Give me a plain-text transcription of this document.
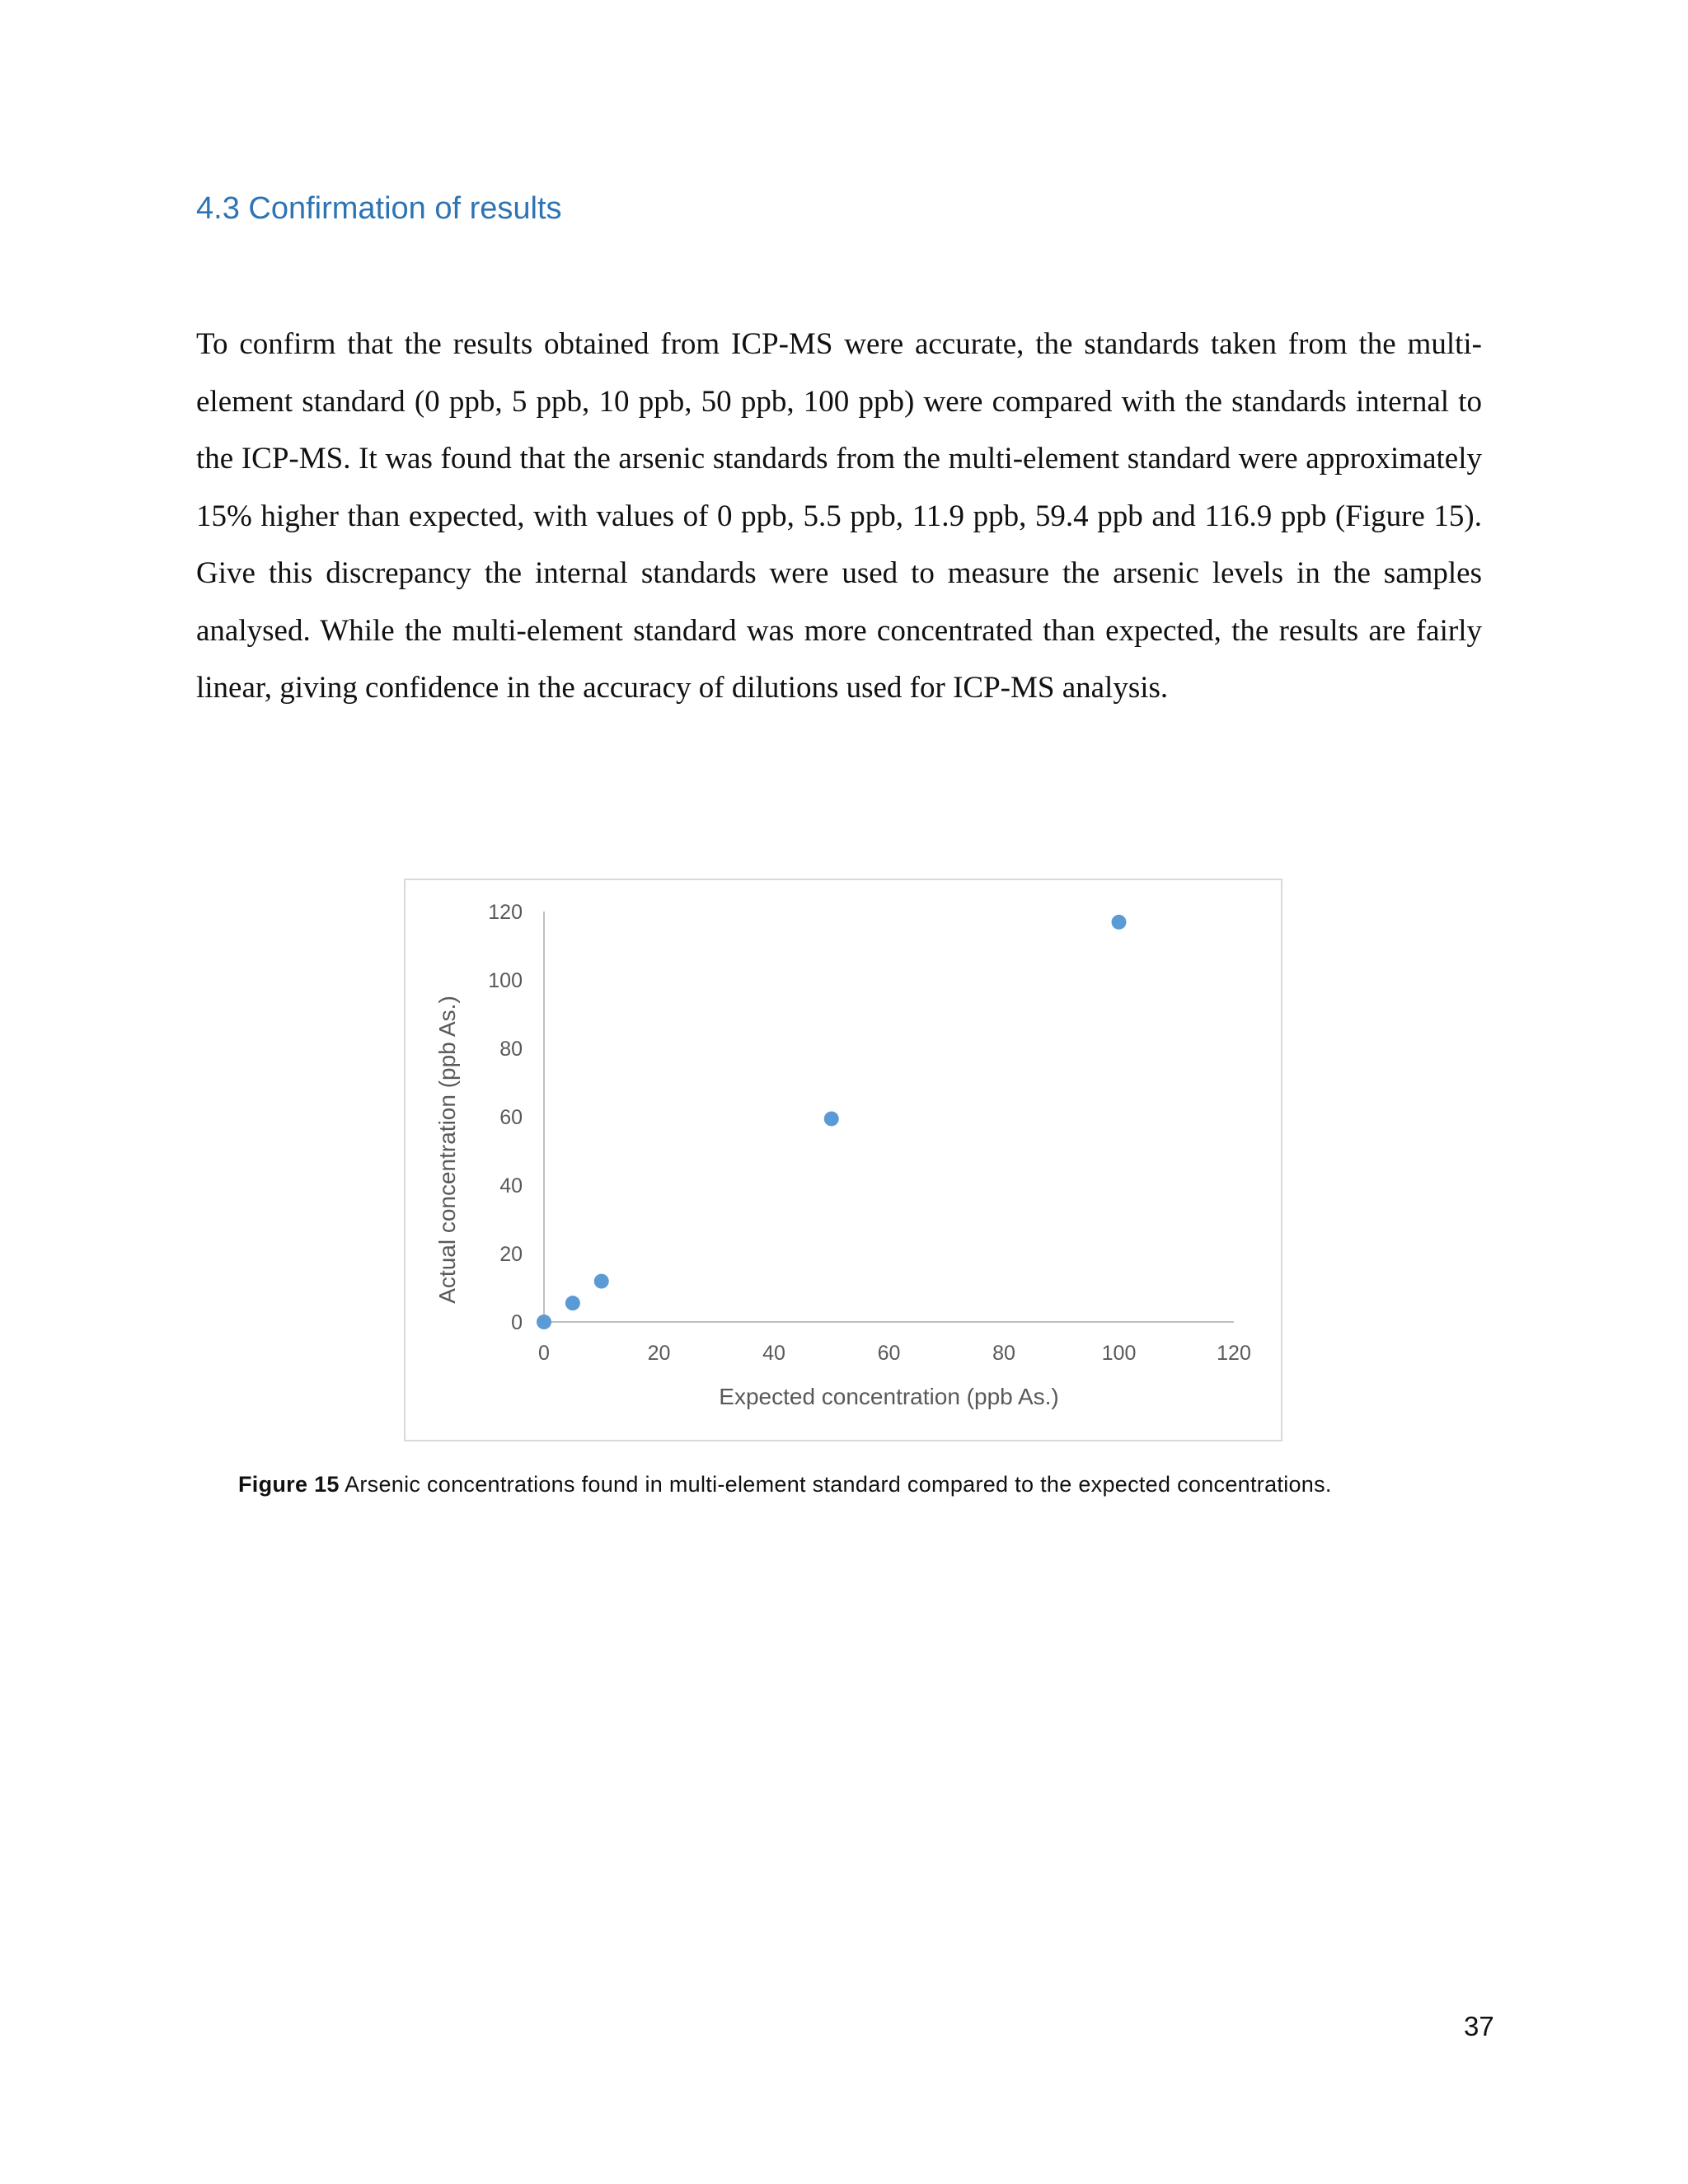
4.3 Confirmation of results

To confirm that the results obtained from ICP-MS were accurate, the standards taken from the multi-element standard (0 ppb, 5 ppb, 10 ppb, 50 ppb, 100 ppb) were compared with the standards internal to the ICP-MS. It was found that the arsenic standards from the multi-element standard were approximately 15% higher than expected, with values of 0 ppb, 5.5 ppb, 11.9 ppb, 59.4 ppb and 116.9 ppb (Figure 15). Give this discrepancy the internal standards were used to measure the arsenic levels in the samples analysed. While the multi-element standard was more concentrated than expected, the results are fairly linear, giving confidence in the accuracy of dilutions used for ICP-MS analysis.

0
20
40
60
80
100
120
0	20	40	60	80	100	120
Expected concentration (ppb As.)
Actual concentration (ppb As.)
Figure 15 Arsenic concentrations found in multi-element standard compared to the expected concentrations.
37
